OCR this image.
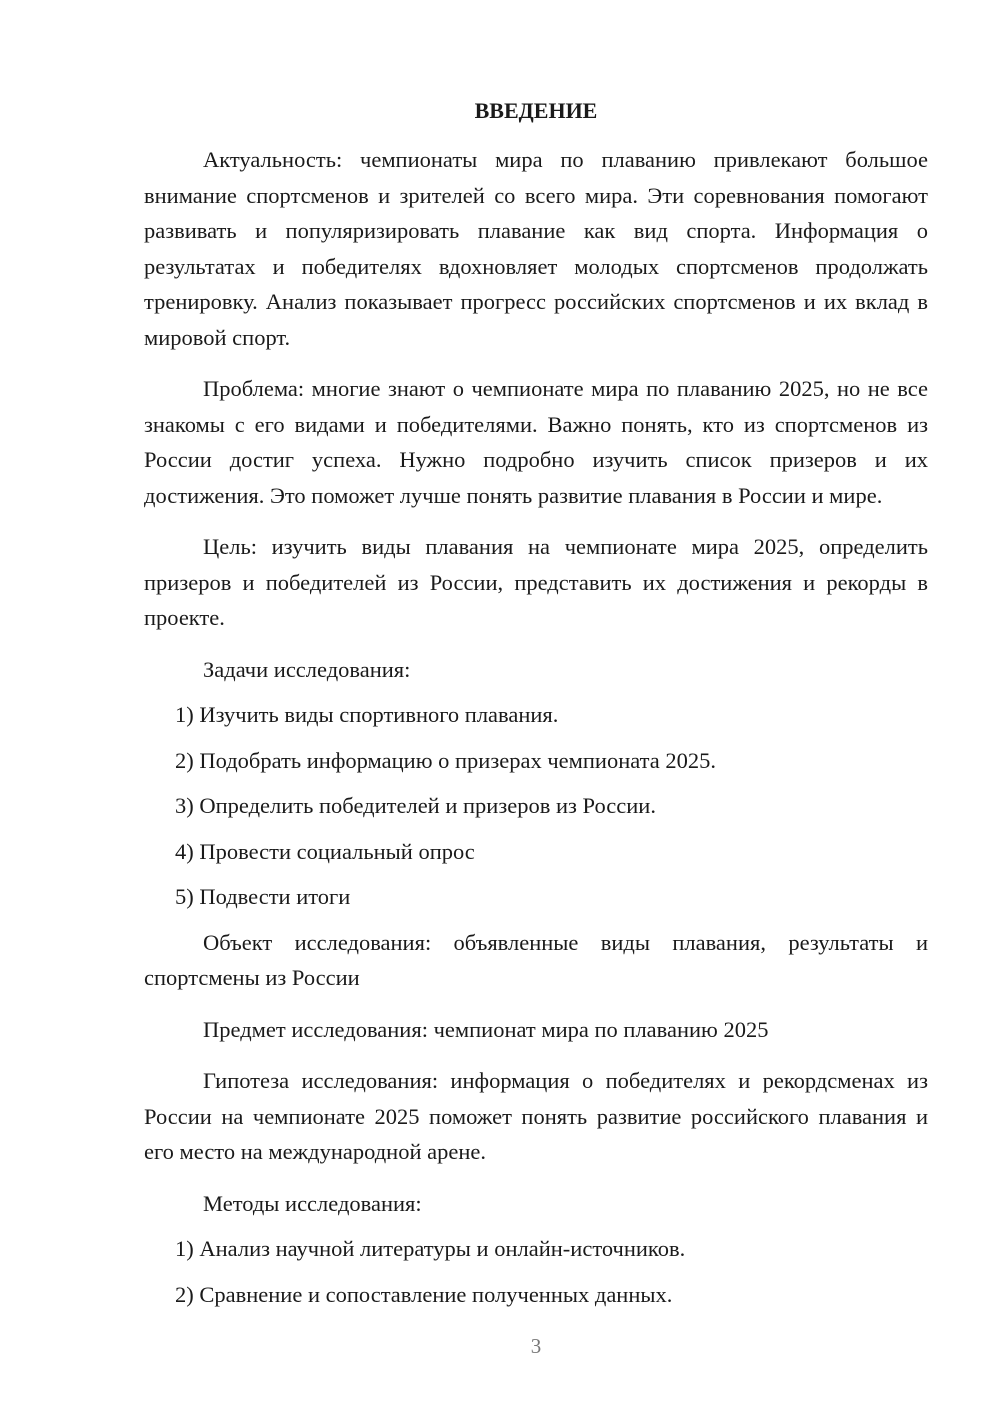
ВВЕДЕНИЕ

Актуальность: чемпионаты мира по плаванию привлекают большое внимание спортсменов и зрителей со всего мира. Эти соревнования помогают развивать и популяризировать плавание как вид спорта. Информация о результатах и победителях вдохновляет молодых спортсменов продолжать тренировку. Анализ показывает прогресс российских спортсменов и их вклад в мировой спорт.

Проблема: многие знают о чемпионате мира по плаванию 2025, но не все знакомы с его видами и победителями. Важно понять, кто из спортсменов из России достиг успеха. Нужно подробно изучить список призеров и их достижения. Это поможет лучше понять развитие плавания в России и мире.

Цель: изучить виды плавания на чемпионате мира 2025, определить призеров и победителей из России, представить их достижения и рекорды в проекте.

Задачи исследования:

1) Изучить виды спортивного плавания.
2) Подобрать информацию о призерах чемпионата 2025.
3) Определить победителей и призеров из России.
4) Провести социальный опрос
5) Подвести итоги

Объект исследования: объявленные виды плавания, результаты и спортсмены из России

Предмет исследования: чемпионат мира по плаванию 2025

Гипотеза исследования: информация о победителях и рекордсменах из России на чемпионате 2025 поможет понять развитие российского плавания и его место на международной арене.

Методы исследования:

1) Анализ научной литературы и онлайн-источников.
2) Сравнение и сопоставление полученных данных.
3
